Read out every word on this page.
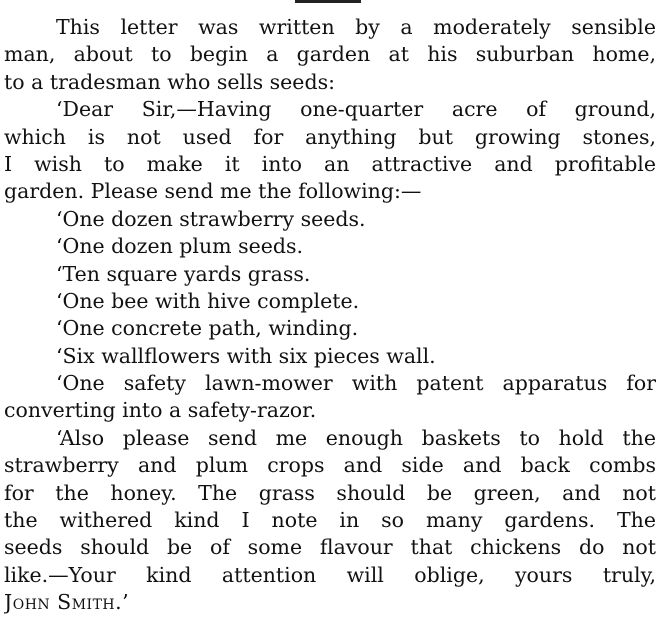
This letter was written by a moderately sensible
man, about to begin a garden at his suburban home,
to a tradesman who sells seeds:
‘Dear Sir,—Having one-quarter acre of ground,
which is not used for anything but growing stones,
I wish to make it into an attractive and profitable
garden. Please send me the following:—
‘One dozen strawberry seeds.
‘One dozen plum seeds.
‘Ten square yards grass.
‘One bee with hive complete.
‘One concrete path, winding.
‘Six wallflowers with six pieces wall.
‘One safety lawn-mower with patent apparatus for
converting into a safety-razor.
‘Also please send me enough baskets to hold the
strawberry and plum crops and side and back combs
for the honey. The grass should be green, and not
the withered kind I note in so many gardens. The
seeds should be of some flavour that chickens do not
like.—Your kind attention will oblige, yours truly,
John Smith.’
